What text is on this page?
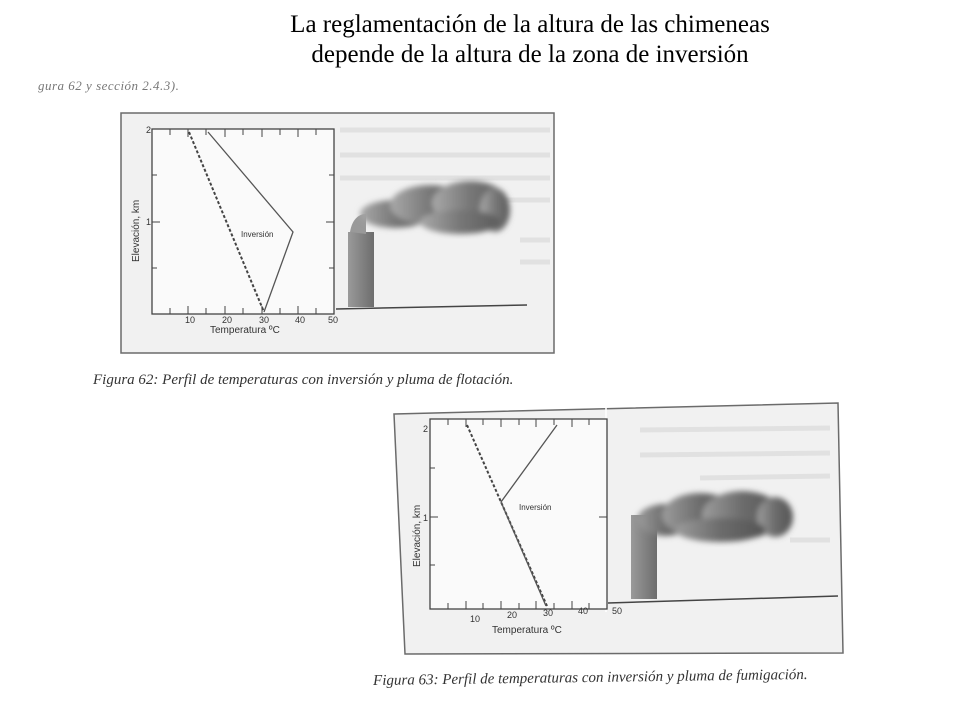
La reglamentación de la altura de las chimeneas
depende de la altura de la zona de inversión
gura 62 y sección 2.4.3).
Inversión
2
1
10	20	30	40	50
Temperatura ºC
Elevación, km
Figura 62: Perfil de temperaturas con inversión y pluma de flotación.
Inversión
2
1
10	20	30	40	50
Temperatura ºC
Elevación, km
Figura 63: Perfil de temperaturas con inversión y pluma de fumigación.
